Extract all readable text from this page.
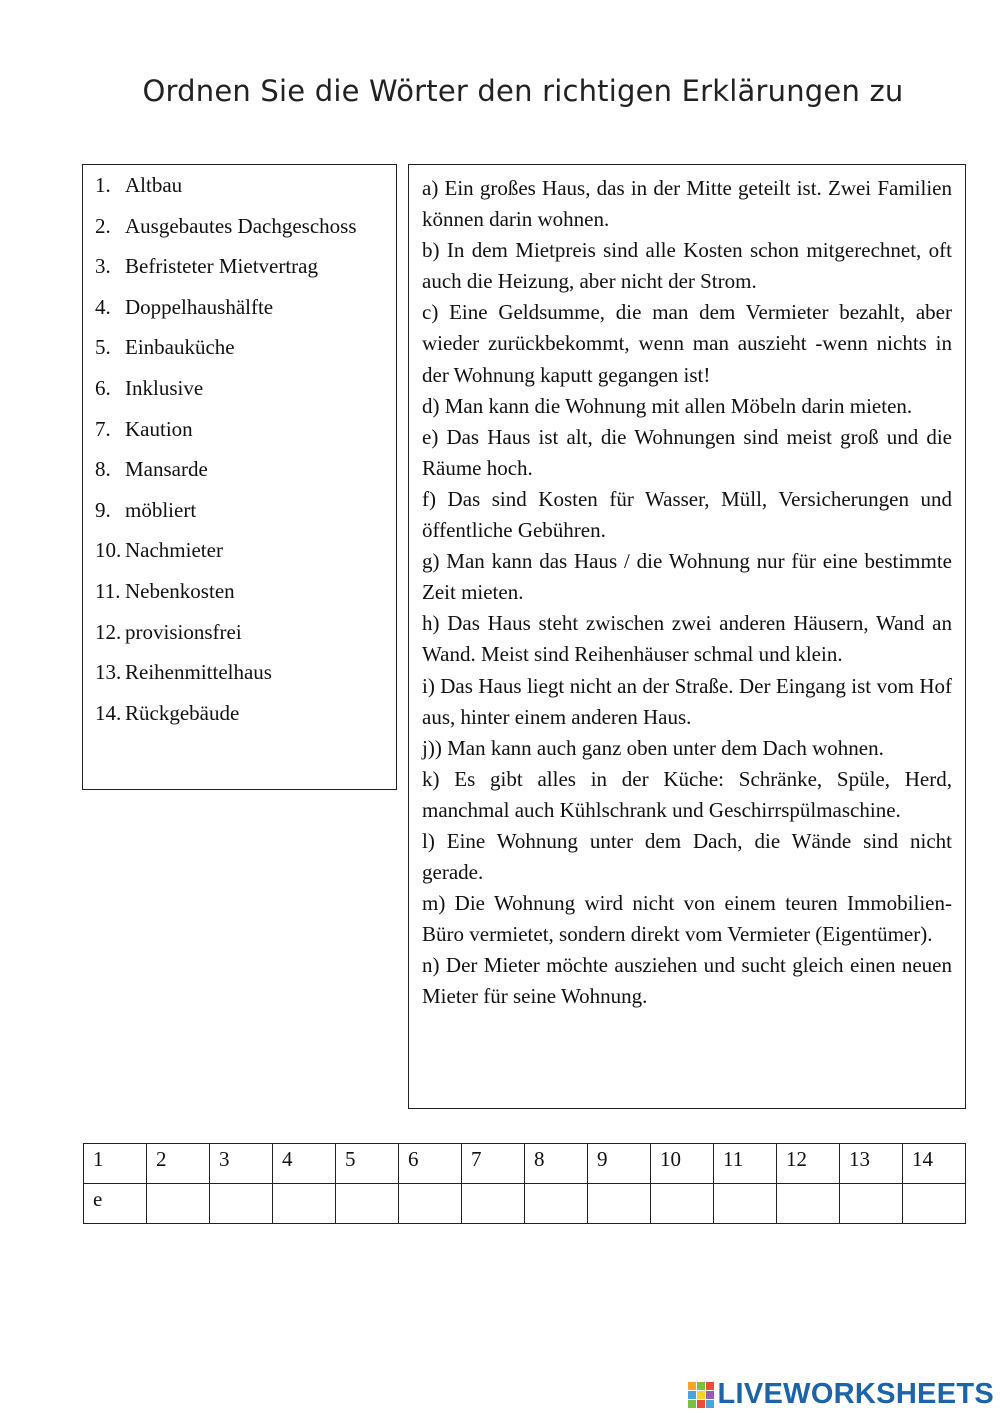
Ordnen Sie die Wörter den richtigen Erklärungen zu
1. Altbau
2. Ausgebautes Dachgeschoss
3. Befristeter Mietvertrag
4. Doppelhaushälfte
5. Einbauküche
6. Inklusive
7. Kaution
8. Mansarde
9. möbliert
10. Nachmieter
11. Nebenkosten
12. provisionsfrei
13. Reihenmittelhaus
14. Rückgebäude

a) Ein großes Haus, das in der Mitte geteilt ist. Zwei Familien können darin wohnen.

b) In dem Mietpreis sind alle Kosten schon mitgerechnet, oft auch die Heizung, aber nicht der Strom.

c) Eine Geldsumme, die man dem Vermieter bezahlt, aber wieder zurückbekommt, wenn man auszieht -wenn nichts in der Wohnung kaputt gegangen ist!

d) Man kann die Wohnung mit allen Möbeln darin mieten.

e) Das Haus ist alt, die Wohnungen sind meist groß und die Räume hoch.

f) Das sind Kosten für Wasser, Müll, Versicherungen und öffentliche Gebühren.

g) Man kann das Haus / die Wohnung nur für eine bestimmte Zeit mieten.

h) Das Haus steht zwischen zwei anderen Häusern, Wand an Wand. Meist sind Reihenhäuser schmal und klein.

i) Das Haus liegt nicht an der Straße. Der Eingang ist vom Hof aus, hinter einem anderen Haus.

j)) Man kann auch ganz oben unter dem Dach wohnen.

k) Es gibt alles in der Küche: Schränke, Spüle, Herd, manchmal auch Kühlschrank und Geschirrspülmaschine.

l) Eine Wohnung unter dem Dach, die Wände sind nicht gerade.

m) Die Wohnung wird nicht von einem teuren Immobilien-Büro vermietet, sondern direkt vom Vermieter (Eigentümer).

n) Der Mieter möchte ausziehen und sucht gleich einen neuen Mieter für seine Wohnung.

1	2	3	4	5	6	7	8	9	10	11	12	13	14
e													
LIVEWORKSHEETS
